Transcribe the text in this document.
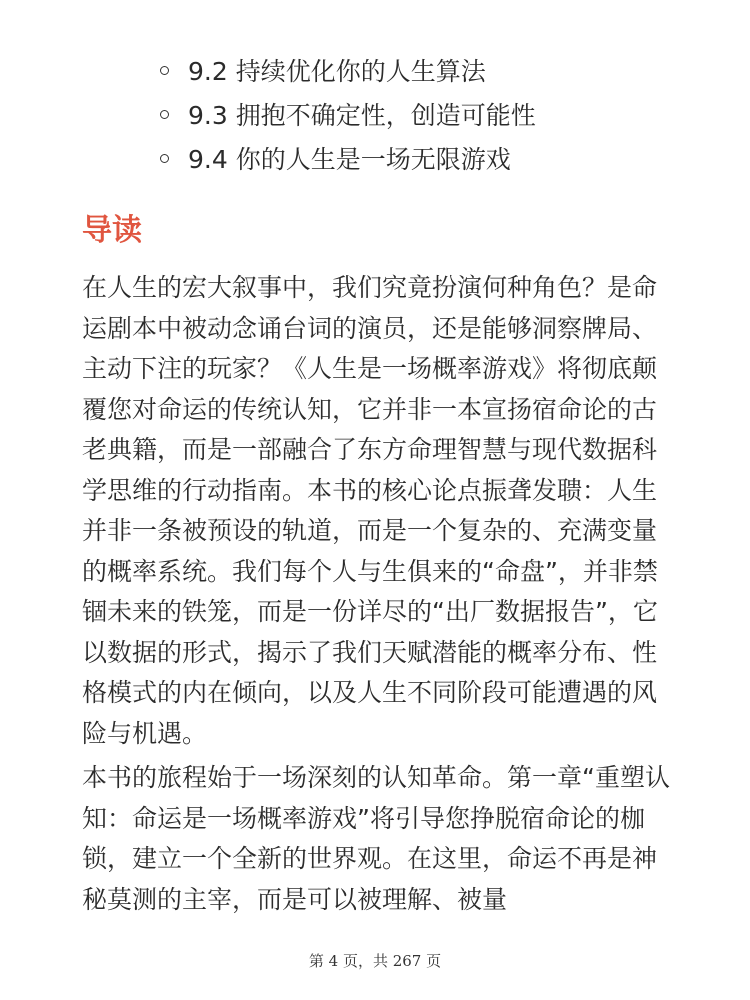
9.2 持续优化你的人生算法
9.3 拥抱不确定性，创造可能性
9.4 你的人生是一场无限游戏
导读

在人生的宏大叙事中，我们究竟扮演何种角色？是命运剧本中被动念诵台词的演员，还是能够洞察牌局、主动下注的玩家？《人生是一场概率游戏》将彻底颠覆您对命运的传统认知，它并非一本宣扬宿命论的古老典籍，而是一部融合了东方命理智慧与现代数据科学思维的行动指南。本书的核心论点振聋发聩：人生并非一条被预设的轨道，而是一个复杂的、充满变量的概率系统。我们每个人与生俱来的“命盘”，并非禁锢未来的铁笼，而是一份详尽的“出厂数据报告”，它以数据的形式，揭示了我们天赋潜能的概率分布、性格模式的内在倾向，以及人生不同阶段可能遭遇的风险与机遇。

本书的旅程始于一场深刻的认知革命。第一章“重塑认知：命运是一场概率游戏”将引导您挣脱宿命论的枷锁，建立一个全新的世界观。在这里，命运不再是神秘莫测的主宰，而是可以被理解、被量

第 4 页，共 267 页
